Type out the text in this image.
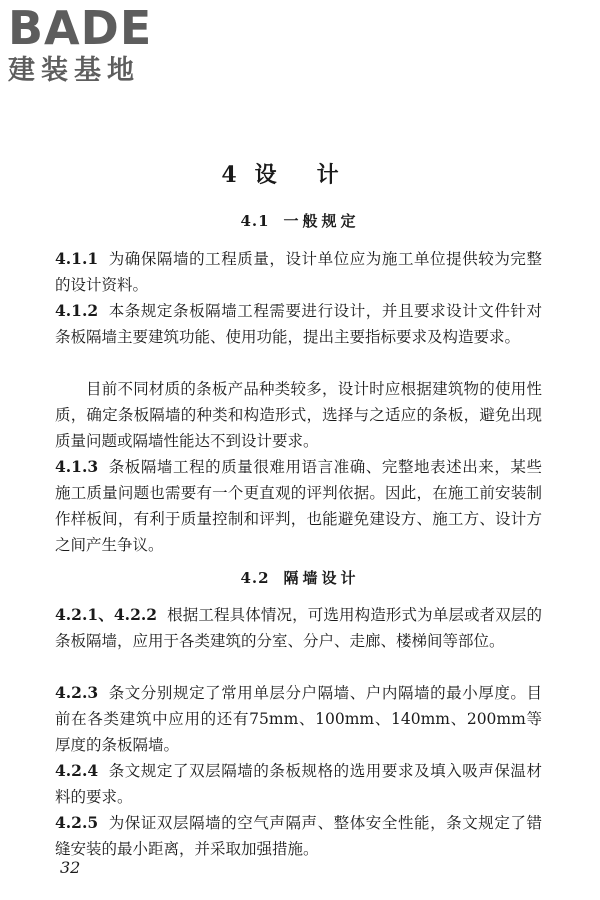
BADE
建装基地
4 设计
4.1 一般规定
4.1.1 为确保隔墙的工程质量，设计单位应为施工单位提供较为完整的设计资料。
4.1.2 本条规定条板隔墙工程需要进行设计，并且要求设计文件针对条板隔墙主要建筑功能、使用功能，提出主要指标要求及构造要求。
目前不同材质的条板产品种类较多，设计时应根据建筑物的使用性质，确定条板隔墙的种类和构造形式，选择与之适应的条板，避免出现质量问题或隔墙性能达不到设计要求。
4.1.3 条板隔墙工程的质量很难用语言准确、完整地表述出来，某些施工质量问题也需要有一个更直观的评判依据。因此，在施工前安装制作样板间，有利于质量控制和评判，也能避免建设方、施工方、设计方之间产生争议。
4.2 隔墙设计
4.2.1、4.2.2 根据工程具体情况，可选用构造形式为单层或者双层的条板隔墙，应用于各类建筑的分室、分户、走廊、楼梯间等部位。
4.2.3 条文分别规定了常用单层分户隔墙、户内隔墙的最小厚度。目前在各类建筑中应用的还有75mm、100mm、140mm、200mm等厚度的条板隔墙。
4.2.4 条文规定了双层隔墙的条板规格的选用要求及填入吸声保温材料的要求。
4.2.5 为保证双层隔墙的空气声隔声、整体安全性能，条文规定了错缝安装的最小距离，并采取加强措施。
32
